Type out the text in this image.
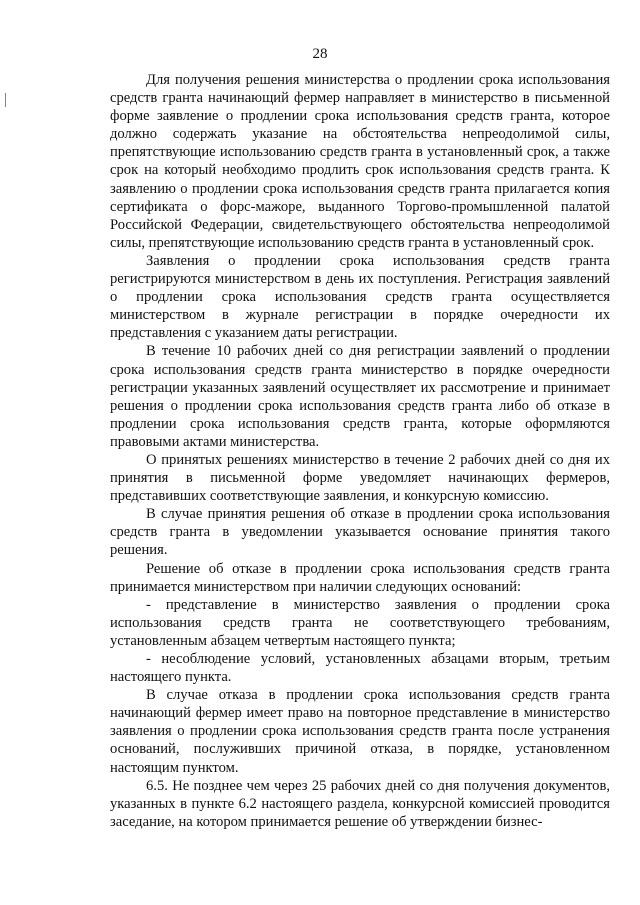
28

Для получения решения министерства о продлении срока использования средств гранта начинающий фермер направляет в министерство в письменной форме заявление о продлении срока использования средств гранта, которое должно содержать указание на обстоятельства непреодолимой силы, препятствующие использованию средств гранта в установленный срок, а также срок на который необходимо продлить срок использования средств гранта. К заявлению о продлении срока использования средств гранта прилагается копия сертификата о форс-мажоре, выданного Торгово-промышленной палатой Российской Федерации, свидетельствующего обстоятельства непреодолимой силы, препятствующие использованию средств гранта в установленный срок.

Заявления о продлении срока использования средств гранта регистрируются министерством в день их поступления. Регистрация заявлений о продлении срока использования средств гранта осуществляется министерством в журнале регистрации в порядке очередности их представления с указанием даты регистрации.

В течение 10 рабочих дней со дня регистрации заявлений о продлении срока использования средств гранта министерство в порядке очередности регистрации указанных заявлений осуществляет их рассмотрение и принимает решения о продлении срока использования средств гранта либо об отказе в продлении срока использования средств гранта, которые оформляются правовыми актами министерства.

О принятых решениях министерство в течение 2 рабочих дней со дня их принятия в письменной форме уведомляет начинающих фермеров, представивших соответствующие заявления, и конкурсную комиссию.

В случае принятия решения об отказе в продлении срока использования средств гранта в уведомлении указывается основание принятия такого решения.

Решение об отказе в продлении срока использования средств гранта принимается министерством при наличии следующих оснований:

- представление в министерство заявления о продлении срока использования средств гранта не соответствующего требованиям, установленным абзацем четвертым настоящего пункта;

- несоблюдение условий, установленных абзацами вторым, третьим настоящего пункта.

В случае отказа в продлении срока использования средств гранта начинающий фермер имеет право на повторное представление в министерство заявления о продлении срока использования средств гранта после устранения оснований, послуживших причиной отказа, в порядке, установленном настоящим пунктом.

6.5. Не позднее чем через 25 рабочих дней со дня получения документов, указанных в пункте 6.2 настоящего раздела, конкурсной комиссией проводится заседание, на котором принимается решение об утверждении бизнес-
